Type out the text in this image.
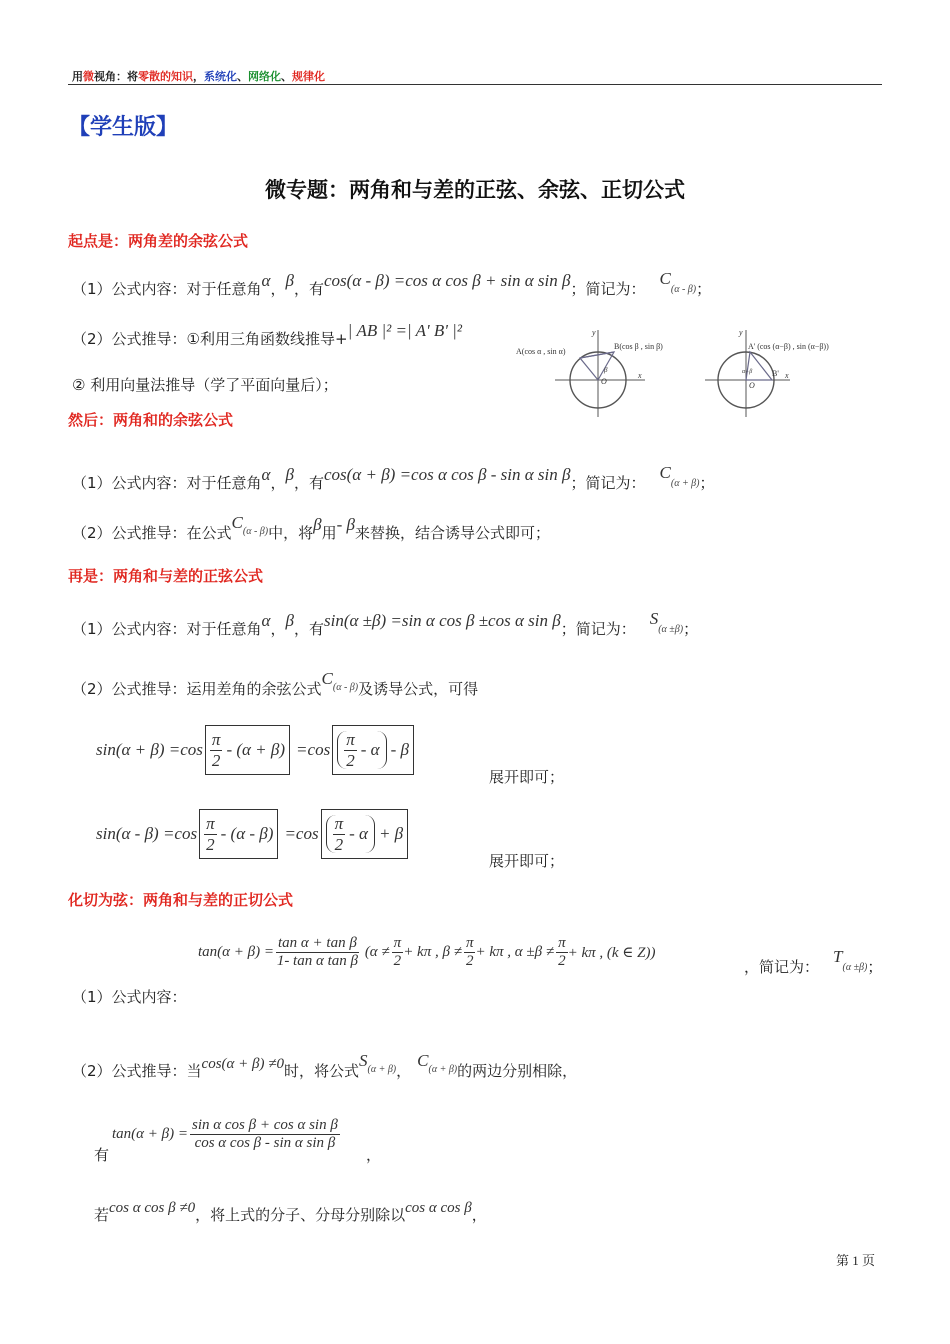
用微视角：将零散的知识，系统化、网络化、规律化
【学生版】
微专题：两角和与差的正弦、余弦、正切公式
起点是：两角差的余弦公式
（1）公式内容：对于任意角α，β，有cos(α - β) =cos α cos β + sin α sin β；简记为：C(α - β)；
（2）公式推导：①利用三角函数线推导+| AB |² =| A' B' |²
② 利用向量法推导（学了平面向量后）；
A(cos α , sin α)
B(cos β , sin β)
O
β
x
y
A' (cos (α−β) , sin (α−β))
B'
O
α−β	x
y
然后：两角和的余弦公式
（1）公式内容：对于任意角α，β，有cos(α + β) =cos α cos β - sin α sin β；简记为：C(α + β)；
（2）公式推导：在公式$C^{(\alpha - \beta)}$中，将β用- β来替换，结合诱导公式即可；
再是：两角和与差的正弦公式
（1）公式内容：对于任意角α，β，有sin(α ±β) =sin α cos β ±cos α sin β；简记为：S(α ±β)；
（2）公式推导：运用差角的余弦公式$C^{(\alpha - \beta)}$及诱导公式，可得
$\sin(\alpha + \beta) =\cos \frac{\pi}{2} - (\alpha + \beta) =\cos \frac{\pi}{2} - \alpha - \beta$
展开即可；
$\sin(\alpha - \beta) =\cos \frac{\pi}{2} - (\alpha - \beta) =\cos \frac{\pi}{2} - \alpha + \beta$
展开即可；
化切为弦：两角和与差的正切公式
$\tan(\alpha + \beta) = \frac{\text{tan α + tan β}}{\text{1- tan α tan β}} (\alpha \ne \frac{\pi}{2} + k\pi$ , $\beta \ne \frac{\pi}{2} + k\pi$ , $\alpha \pm\beta \ne \frac{\pi}{2} + k\pi$ , (k ∈ Z))
，简记为：T(α ±β)；
（1）公式内容：
（2）公式推导：当cos(α + β) ≠0时，将公式$S^{(\alpha + \beta)}$，$C^{(\alpha + \beta)}$的两边分别相除，
有
$\tan(\alpha + \beta) = \frac{\text{sin α cos β + cos α sin β}}{\text{cos α cos β - sin α sin β}}$
，
若cos α cos β ≠0，将上式的分子、分母分别除以cos α cos β，
第 1 页
